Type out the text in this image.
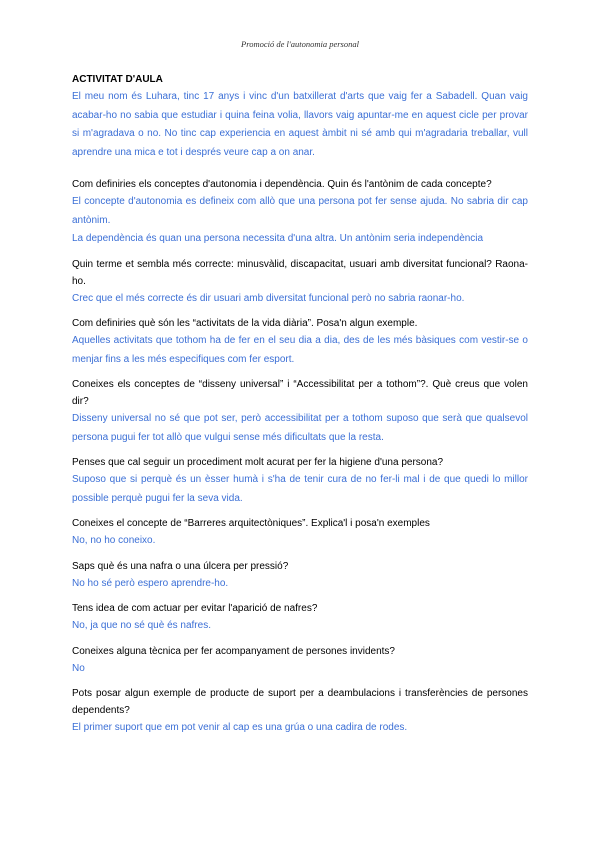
Promoció de l'autonomia personal
ACTIVITAT D'AULA
El meu nom és Luhara, tinc 17 anys i vinc d'un batxillerat d'arts que vaig fer a Sabadell. Quan vaig acabar-ho no sabia que estudiar i quina feina volia, llavors vaig apuntar-me en aquest cicle per provar si m'agradava o no. No tinc cap experiencia en aquest àmbit ni sé amb qui m'agradaria treballar, vull aprendre una mica e tot i després veure cap a on anar.
Com definiries els conceptes d'autonomia i dependència. Quin és l'antònim de cada concepte?
El concepte d'autonomia es defineix com allò que una persona pot fer sense ajuda. No sabria dir cap antònim.
La dependència és quan una persona necessita d'una altra. Un antònim seria independència
Quin terme et sembla més correcte: minusvàlid, discapacitat, usuari amb diversitat funcional? Raona-ho.
Crec que el més correcte és dir usuari amb diversitat funcional però no sabria raonar-ho.
Com definiries què són les “activitats de la vida diària”. Posa'n algun exemple.
Aquelles activitats que tothom ha de fer en el seu dia a dia, des de les més bàsiques com vestir-se o menjar fins a les més especifiques com fer esport.
Coneixes els conceptes de “disseny universal” i “Accessibilitat per a tothom”?. Què creus que volen dir?
Disseny universal no sé que pot ser, però accessibilitat per a tothom suposo que serà que qualsevol persona pugui fer tot allò que vulgui sense més dificultats que la resta.
Penses que cal seguir un procediment molt acurat per fer la higiene d'una persona?
Suposo que si perquè és un èsser humà i s'ha de tenir cura de no fer-li mal i de que quedi lo millor possible perquè pugui fer la seva vida.
Coneixes el concepte de “Barreres arquitectòniques”. Explica'l i posa'n exemples
No, no ho coneixo.
Saps què és una nafra o una úlcera per pressió?
No ho sé però espero aprendre-ho.
Tens idea de com actuar per evitar l'aparició de nafres?
No, ja que no sé què és nafres.
Coneixes alguna tècnica per fer acompanyament de persones invidents?
No
Pots posar algun exemple de producte de suport per a deambulacions i transferències de persones dependents?
El primer suport que em pot venir al cap es una grúa o una cadira de rodes.
